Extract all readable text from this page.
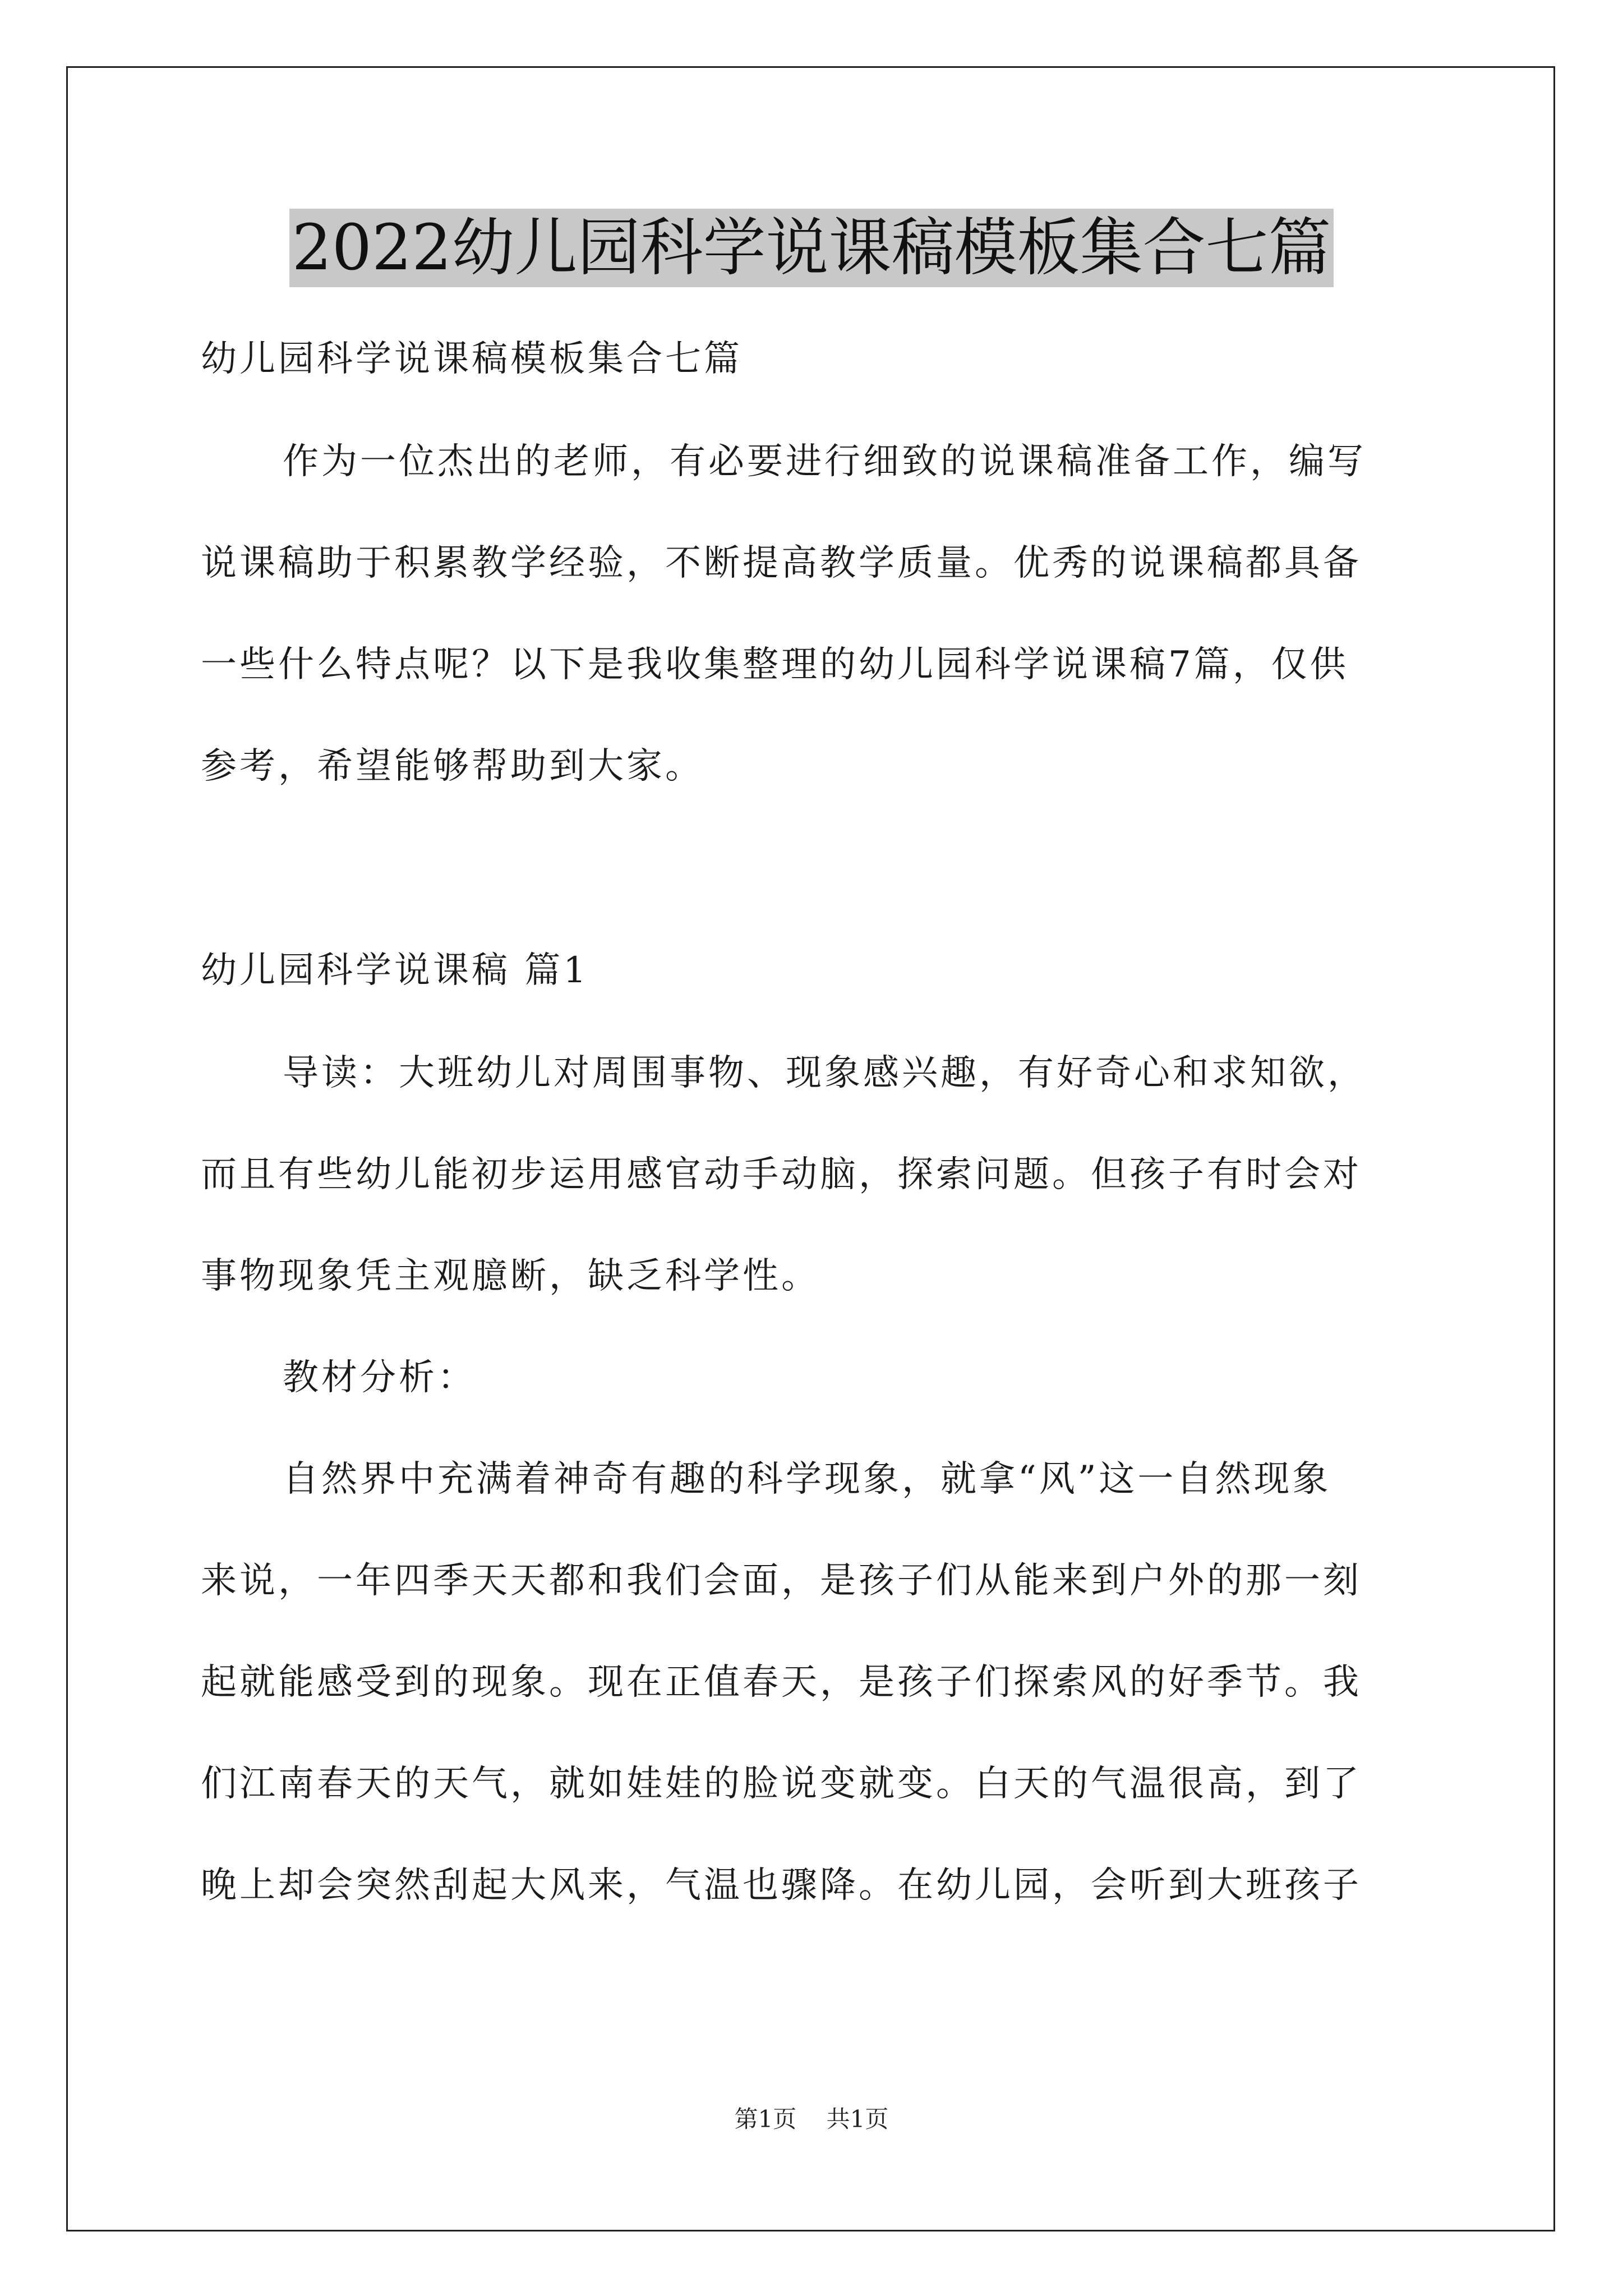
2022幼儿园科学说课稿模板集合七篇
幼儿园科学说课稿模板集合七篇
作为一位杰出的老师，有必要进行细致的说课稿准备工作，编写
说课稿助于积累教学经验，不断提高教学质量。优秀的说课稿都具备
一些什么特点呢？以下是我收集整理的幼儿园科学说课稿7篇，仅供
参考，希望能够帮助到大家。
幼儿园科学说课稿 篇1
导读：大班幼儿对周围事物、现象感兴趣，有好奇心和求知欲，
而且有些幼儿能初步运用感官动手动脑，探索问题。但孩子有时会对
事物现象凭主观臆断，缺乏科学性。
教材分析：
自然界中充满着神奇有趣的科学现象，就拿“风”这一自然现象
来说，一年四季天天都和我们会面，是孩子们从能来到户外的那一刻
起就能感受到的现象。现在正值春天，是孩子们探索风的好季节。我
们江南春天的天气，就如娃娃的脸说变就变。白天的气温很高，到了
晚上却会突然刮起大风来，气温也骤降。在幼儿园，会听到大班孩子
第1页 共1页
